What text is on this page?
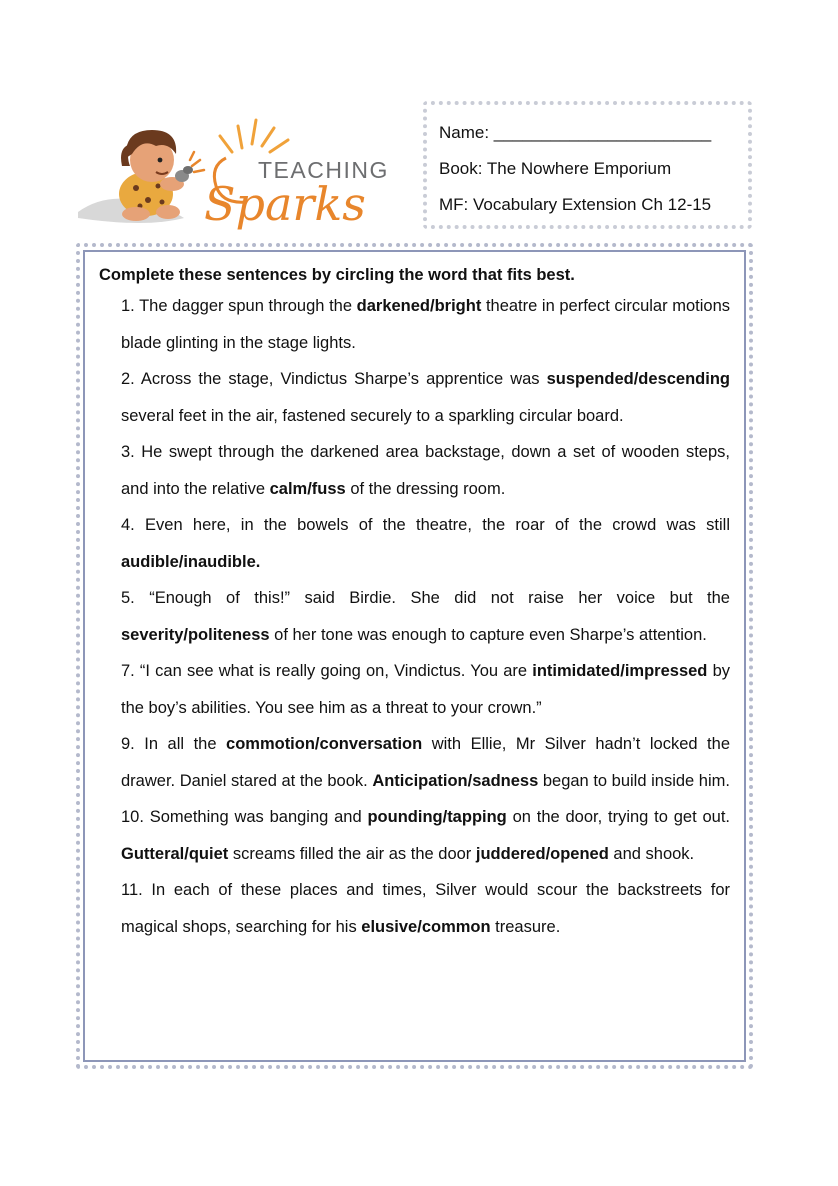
TEACHING
Sparks
Name: _______________________
Book: The Nowhere Emporium
MF: Vocabulary Extension Ch 12-15

Complete these sentences by circling the word that fits best.

1. The dagger spun through the darkened/bright theatre in perfect circular motions blade glinting in the stage lights.

2. Across the stage, Vindictus Sharpe’s apprentice was suspended/descending several feet in the air, fastened securely to a sparkling circular board.

3. He swept through the darkened area backstage, down a set of wooden steps, and into the relative calm/fuss of the dressing room.

4. Even here, in the bowels of the theatre, the roar of the crowd was still audible/inaudible.

5. “Enough of this!” said Birdie. She did not raise her voice but the severity/politeness of her tone was enough to capture even Sharpe’s attention.

7. “I can see what is really going on, Vindictus. You are intimidated/impressed by the boy’s abilities. You see him as a threat to your crown.”

9. In all the commotion/conversation with Ellie, Mr Silver hadn’t locked the drawer. Daniel stared at the book. Anticipation/sadness began to build inside him.

10. Something was banging and pounding/tapping on the door, trying to get out. Gutteral/quiet screams filled the air as the door juddered/opened and shook.

11. In each of these places and times, Silver would scour the backstreets for magical shops, searching for his elusive/common treasure.
